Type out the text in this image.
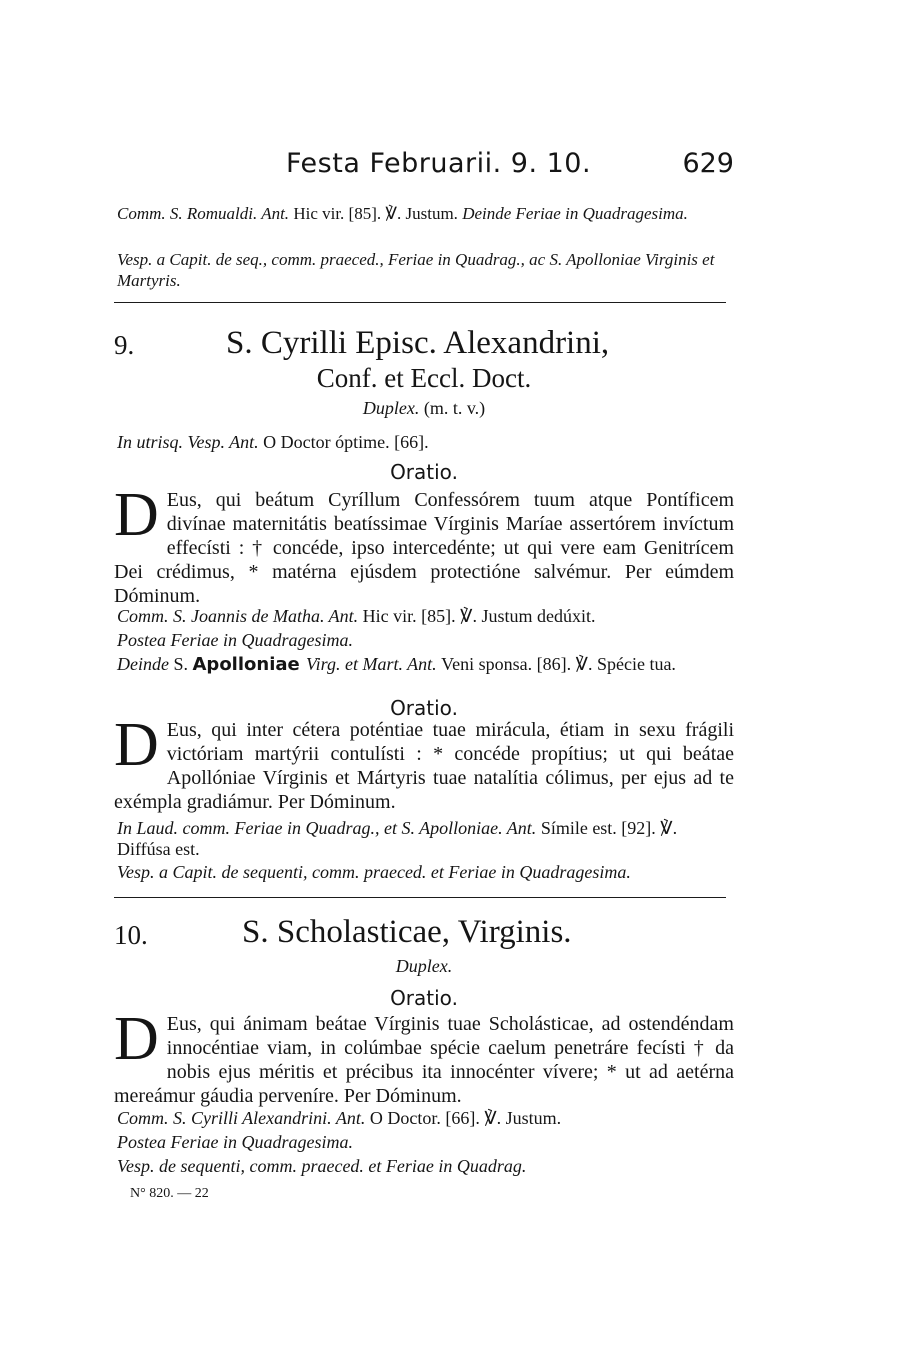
Festa Februarii. 9. 10.	629
Comm. S. Romualdi. Ant. Hic vir. [85]. ℣. Justum. Deinde Feriae in Quadragesima.
Vesp. a Capit. de seq., comm. praeced., Feriae in Quadrag., ac S. Apolloniae Virginis et Martyris.
9.	S. Cyrilli Episc. Alexandrini,
Conf. et Eccl. Doct.
Duplex. (m. t. v.)
In utrisq. Vesp. Ant. O Doctor óptime. [66].
Oratio.
D Eus, qui beátum Cyríllum Confessórem tuum atque Pontíficem divínae maternitátis beatíssimae Vírginis Maríae assertórem invíctum effecísti : † concéde, ipso intercedénte; ut qui vere eam Genitrícem Dei crédimus, * matérna ejúsdem protectióne salvémur. Per eúmdem Dóminum.

Comm. S. Joannis de Matha. Ant. Hic vir. [85]. ℣. Justum dedúxit.
Postea Feriae in Quadragesima.
Deinde S. Apolloniae Virg. et Mart. Ant. Veni sponsa. [86]. ℣. Spécie tua.
Oratio.
D Eus, qui inter cétera poténtiae tuae mirácula, étiam in sexu frágili victóriam martýrii contulísti : * concéde propítius; ut qui beátae Apollóniae Vírginis et Mártyris tuae natalítia cólimus, per ejus ad te exémpla gradiámur. Per Dóminum.

In Laud. comm. Feriae in Quadrag., et S. Apolloniae. Ant. Símile est. [92]. ℣. Diffúsa est.
Vesp. a Capit. de sequenti, comm. praeced. et Feriae in Quadragesima.
10.	S. Scholasticae, Virginis.
Duplex.
Oratio.
D Eus, qui ánimam beátae Vírginis tuae Scholásticae, ad ostendéndam innocéntiae viam, in colúmbae spécie caelum penetráre fecísti † da nobis ejus méritis et précibus ita innocénter vívere; * ut ad aetérna mereámur gáudia perveníre. Per Dóminum.

Comm. S. Cyrilli Alexandrini. Ant. O Doctor. [66]. ℣. Justum.
Postea Feriae in Quadragesima.
Vesp. de sequenti, comm. praeced. et Feriae in Quadrag.
N° 820. — 22
